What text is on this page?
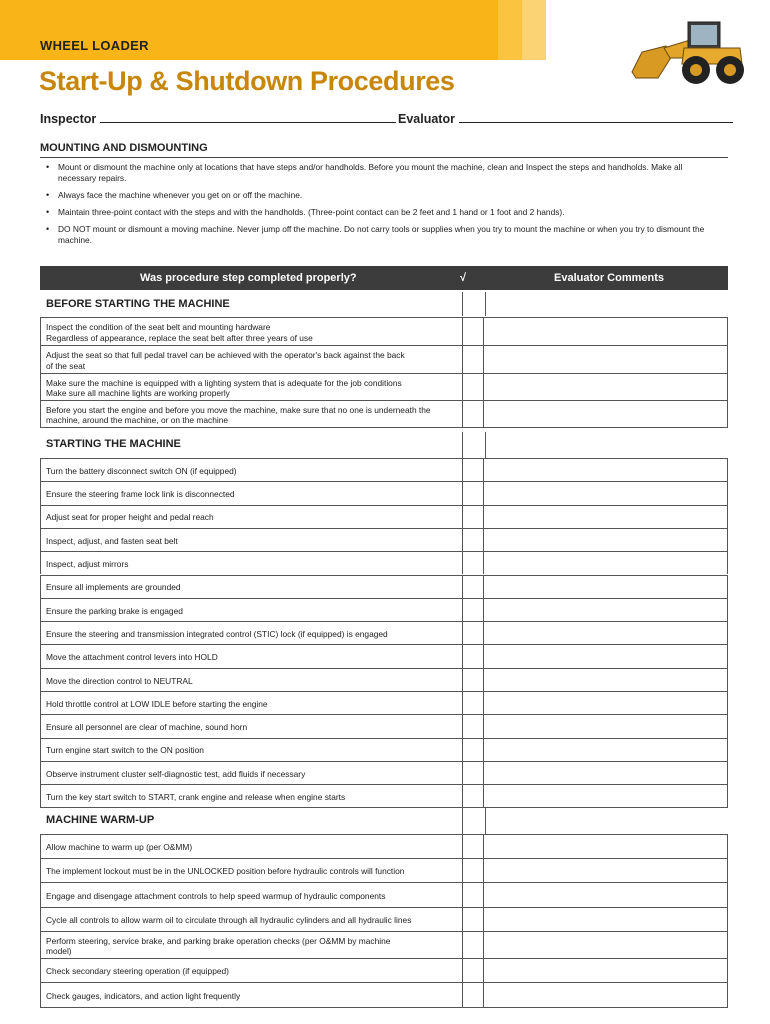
WHEEL LOADER
Start-Up & Shutdown Procedures
Inspector	Evaluator
MOUNTING AND DISMOUNTING
• Mount or dismount the machine only at locations that have steps and/or handholds. Before you mount the machine, clean and Inspect the steps and handholds. Make all necessary repairs.
• Always face the machine whenever you get on or off the machine.
• Maintain three-point contact with the steps and with the handholds. (Three-point contact can be 2 feet and 1 hand or 1 foot and 2 hands).
• DO NOT mount or dismount a moving machine. Never jump off the machine. Do not carry tools or supplies when you try to mount the machine or when you try to dismount the machine.
Was procedure step completed properly?	√	Evaluator Comments
BEFORE STARTING THE MACHINE
Inspect the condition of the seat belt and mounting hardware
Regardless of appearance, replace the seat belt after three years of use
Adjust the seat so that full pedal travel can be achieved with the operator's back against the back
of the seat
Make sure the machine is equipped with a lighting system that is adequate for the job conditions
Make sure all machine lights are working properly
Before you start the engine and before you move the machine, make sure that no one is underneath the
machine, around the machine, or on the machine
STARTING THE MACHINE
Turn the battery disconnect switch ON (if equipped)
Ensure the steering frame lock link is disconnected
Adjust seat for proper height and pedal reach
Inspect, adjust, and fasten seat belt
Inspect, adjust mirrors
Ensure all implements are grounded
Ensure the parking brake is engaged
Ensure the steering and transmission integrated control (STIC) lock (if equipped) is engaged
Move the attachment control levers into HOLD
Move the direction control to NEUTRAL
Hold throttle control at LOW IDLE before starting the engine
Ensure all personnel are clear of machine, sound horn
Turn engine start switch to the ON position
Observe instrument cluster self-diagnostic test, add fluids if necessary
Turn the key start switch to START, crank engine and release when engine starts
MACHINE WARM-UP
Allow machine to warm up (per O&MM)
The implement lockout must be in the UNLOCKED position before hydraulic controls will function
Engage and disengage attachment controls to help speed warmup of hydraulic components
Cycle all controls to allow warm oil to circulate through all hydraulic cylinders and all hydraulic lines
Perform steering, service brake, and parking brake operation checks (per O&MM by machine
model)
Check secondary steering operation (if equipped)
Check gauges, indicators, and action light frequently
